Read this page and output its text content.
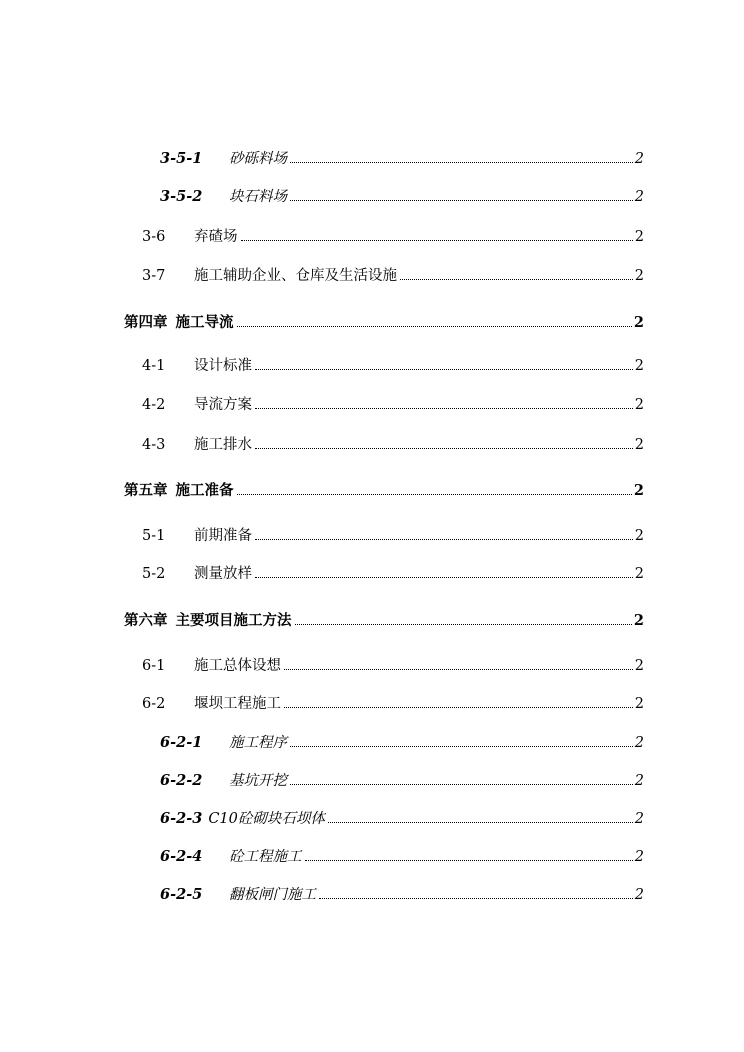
3-5-1	砂砾料场	2
3-5-2	块石料场	2
3-6	弃碴场	2
3-7	施工辅助企业、仓库及生活设施	2
第四章 施工导流	2
4-1	设计标准	2
4-2	导流方案	2
4-3	施工排水	2
第五章 施工准备	2
5-1	前期准备	2
5-2	测量放样	2
第六章 主要项目施工方法	2
6-1	施工总体设想	2
6-2	堰坝工程施工	2
6-2-1	施工程序	2
6-2-2	基坑开挖	2
6-2-3 C10砼砌块石坝体	2
6-2-4	砼工程施工	2
6-2-5	翻板闸门施工	2
